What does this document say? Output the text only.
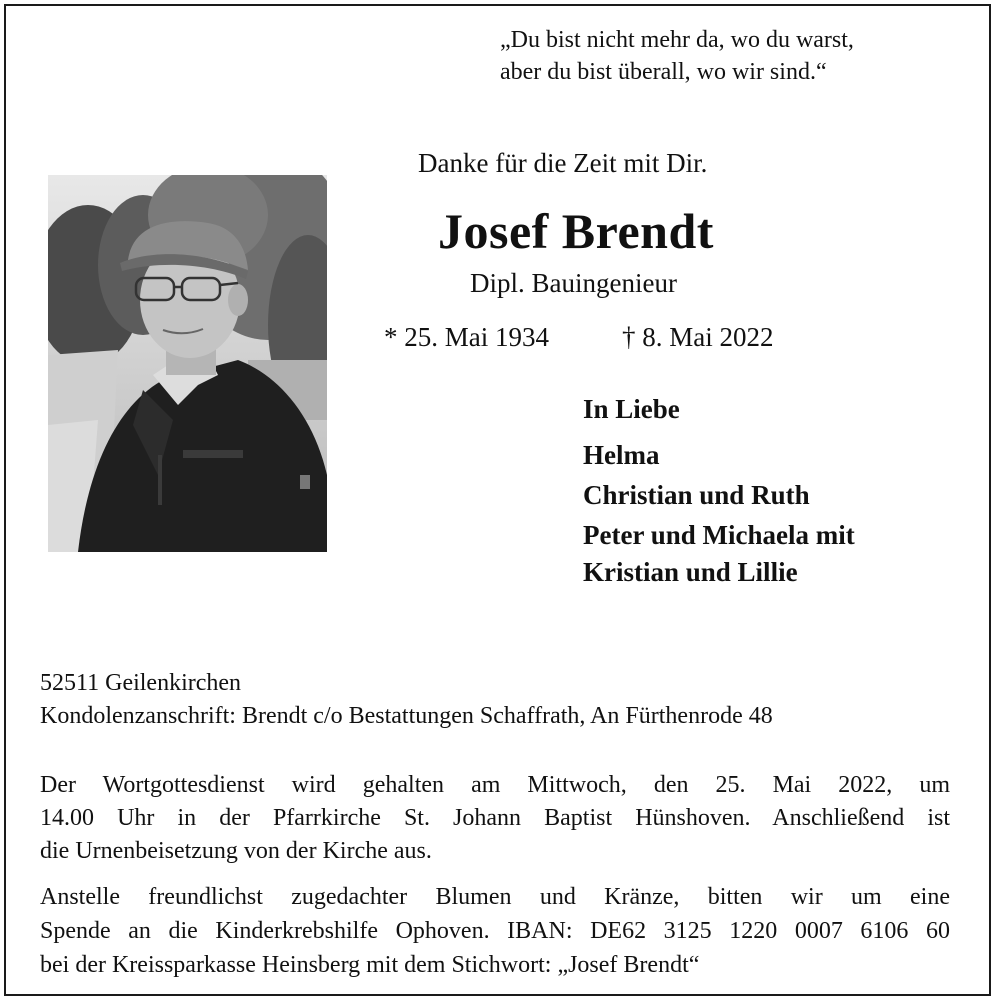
„Du bist nicht mehr da, wo du warst,
aber du bist überall, wo wir sind.“
Danke für die Zeit mit Dir.
Josef Brendt
Dipl. Bauingenieur
* 25. Mai 1934	† 8. Mai 2022
In Liebe
Helma
Christian und Ruth
Peter und Michaela mit
Kristian und Lillie
52511 Geilenkirchen
Kondolenzanschrift: Brendt c/o Bestattungen Schaffrath, An Fürthenrode 48
Der Wortgottesdienst wird gehalten am Mittwoch, den 25. Mai 2022, um
14.00 Uhr in der Pfarrkirche St. Johann Baptist Hünshoven. Anschließend ist
die Urnenbeisetzung von der Kirche aus.
Anstelle freundlichst zugedachter Blumen und Kränze, bitten wir um eine
Spende an die Kinderkrebshilfe Ophoven. IBAN: DE62 3125 1220 0007 6106 60
bei der Kreissparkasse Heinsberg mit dem Stichwort: „Josef Brendt“
